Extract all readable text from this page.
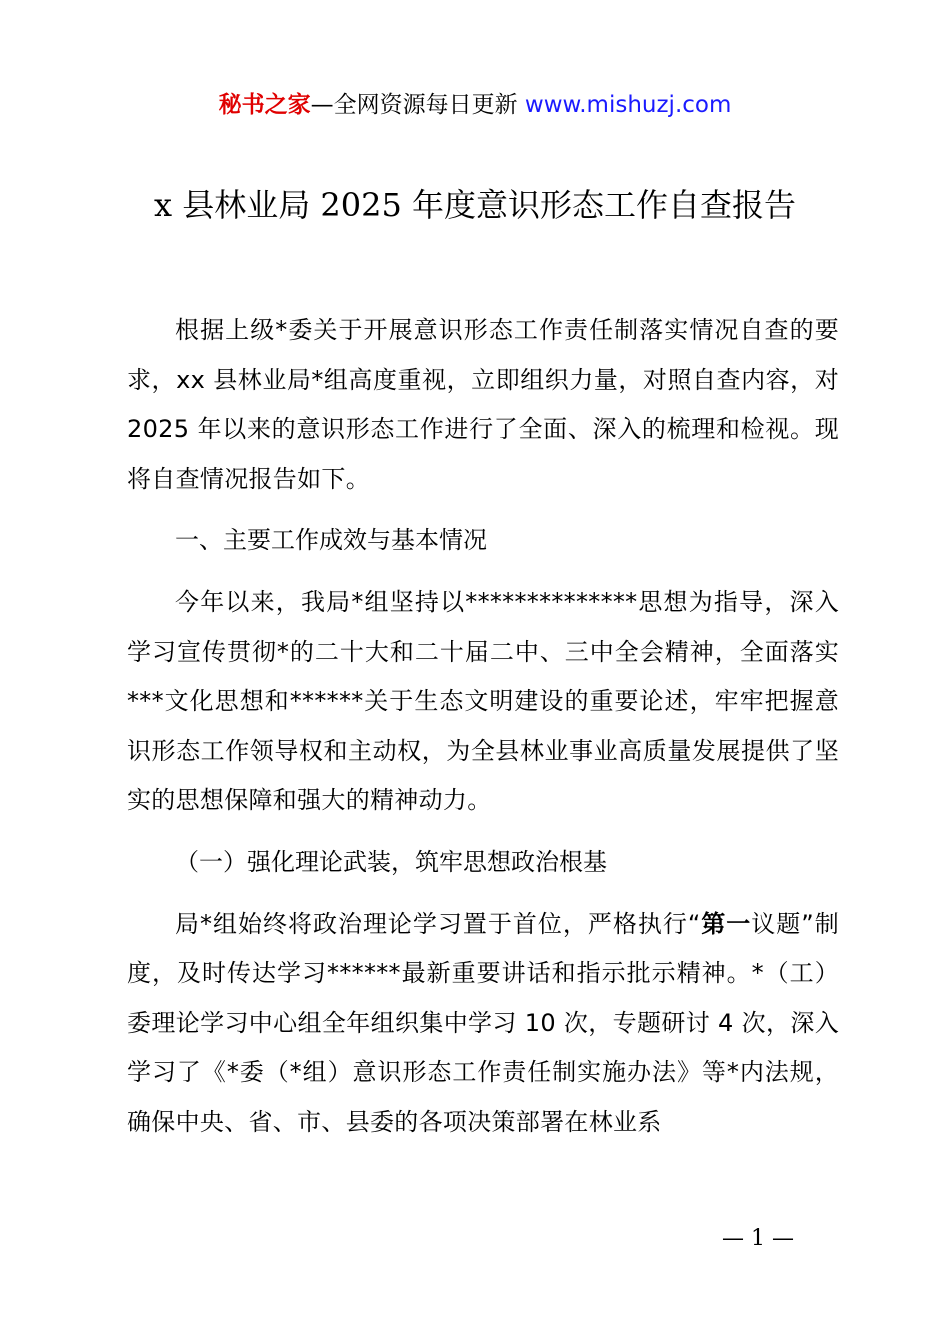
秘书之家—全网资源每日更新 www.mishuzj.com
x 县林业局 2025 年度意识形态工作自查报告

根据上级*委关于开展意识形态工作责任制落实情况自查的要求，xx 县林业局*组高度重视，立即组织力量，对照自查内容，对 2025 年以来的意识形态工作进行了全面、深入的梳理和检视。现将自查情况报告如下。

一、主要工作成效与基本情况

今年以来，我局*组坚持以**************思想为指导，深入学习宣传贯彻*的二十大和二十届二中、三中全会精神，全面落实***文化思想和******关于生态文明建设的重要论述，牢牢把握意识形态工作领导权和主动权，为全县林业事业高质量发展提供了坚实的思想保障和强大的精神动力。

（一）强化理论武装，筑牢思想政治根基

局*组始终将政治理论学习置于首位，严格执行“第一议题”制度，及时传达学习******最新重要讲话和指示批示精神。*（工）委理论学习中心组全年组织集中学习 10 次，专题研讨 4 次，深入学习了《*委（*组）意识形态工作责任制实施办法》等*内法规，确保中央、省、市、县委的各项决策部署在林业系

— 1 —
